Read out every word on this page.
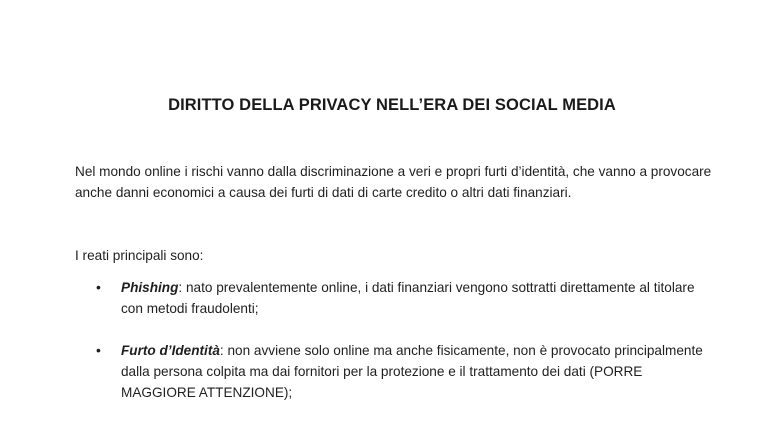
DIRITTO DELLA PRIVACY NELL’ERA DEI SOCIAL MEDIA
Nel mondo online i rischi vanno dalla discriminazione a veri e propri furti d’identità, che vanno a provocare anche danni economici a causa dei furti di dati di carte credito o altri dati finanziari.
I reati principali sono:
•	Phishing: nato prevalentemente online, i dati finanziari vengono sottratti direttamente al titolare con metodi fraudolenti;
•	Furto d’Identità: non avviene solo online ma anche fisicamente, non è provocato principalmente dalla persona colpita ma dai fornitori per la protezione e il trattamento dei dati (PORRE MAGGIORE ATTENZIONE);
